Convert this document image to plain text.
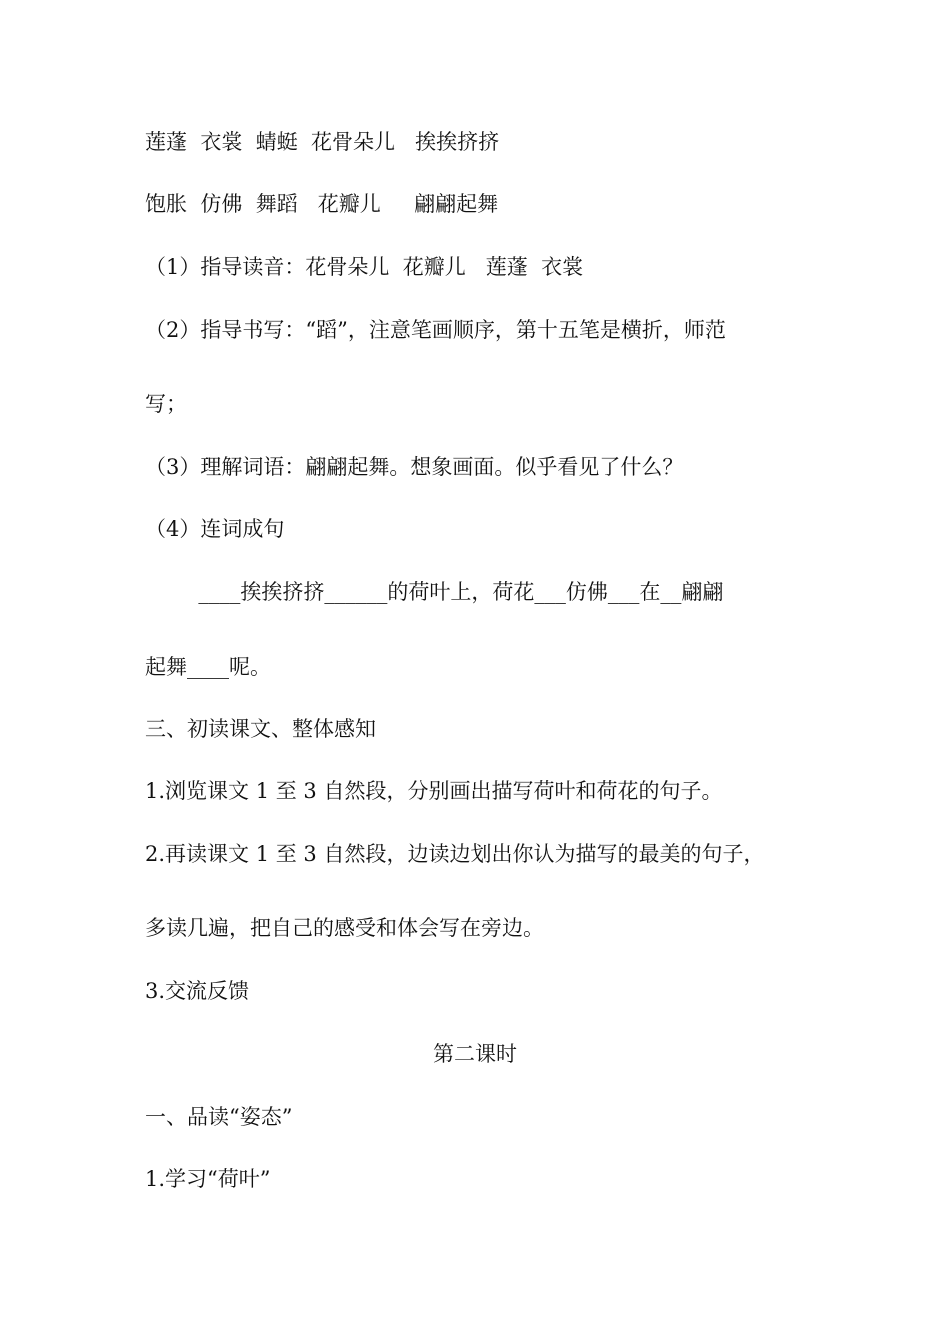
莲蓬  衣裳  蜻蜓  花骨朵儿   挨挨挤挤

饱胀  仿佛  舞蹈   花瓣儿     翩翩起舞

（1）指导读音：花骨朵儿  花瓣儿   莲蓬  衣裳

（2）指导书写：“蹈”，注意笔画顺序，第十五笔是横折，师范

写；

（3）理解词语：翩翩起舞。想象画面。似乎看见了什么？

（4）连词成句

____挨挨挤挤______的荷叶上，荷花___仿佛___在__翩翩

起舞____呢。

三、初读课文、整体感知

1.浏览课文 1 至 3 自然段，分别画出描写荷叶和荷花的句子。

2.再读课文 1 至 3 自然段，边读边划出你认为描写的最美的句子，

多读几遍，把自己的感受和体会写在旁边。

3.交流反馈

第二课时

一、品读“姿态”

1.学习“荷叶”
